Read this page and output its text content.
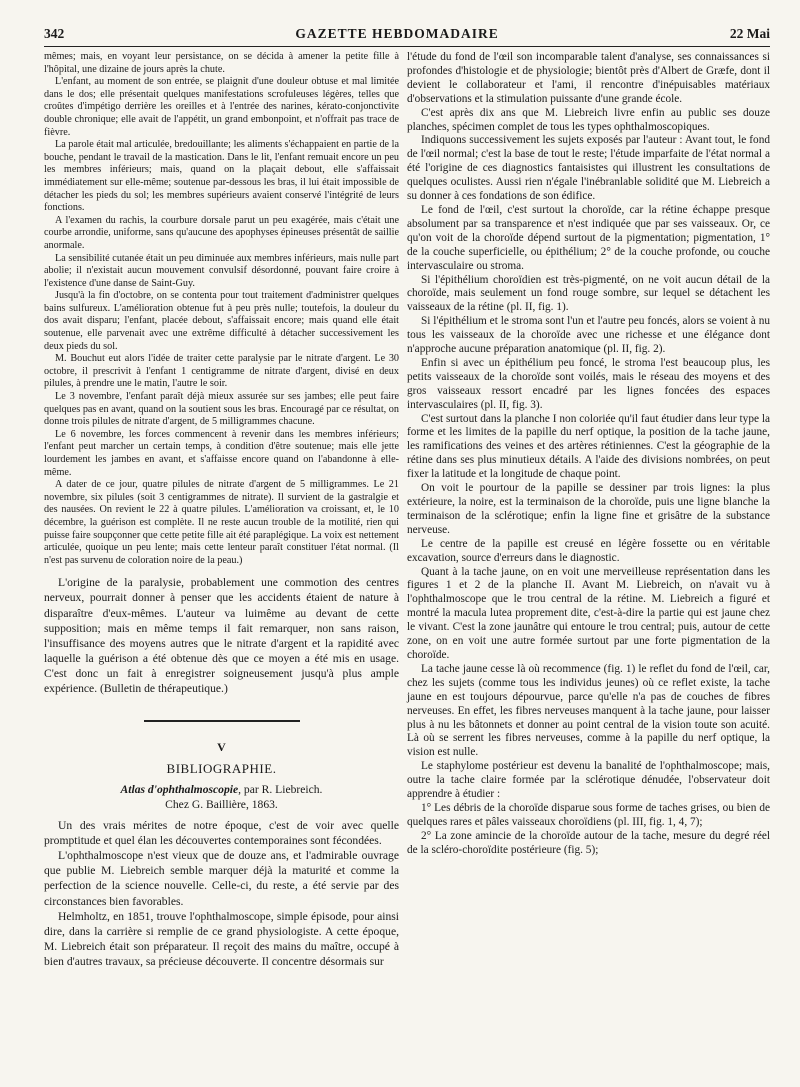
342	GAZETTE HEBDOMADAIRE	22 Mai

mêmes; mais, en voyant leur persistance, on se décida à amener la petite fille à l'hôpital, une dizaine de jours après la chute.

L'enfant, au moment de son entrée, se plaignit d'une douleur obtuse et mal limitée dans le dos; elle présentait quelques manifestations scrofuleuses légères, telles que croûtes d'impétigo derrière les oreilles et à l'entrée des narines, kérato-conjonctivite double chronique; elle avait de l'appétit, un grand embonpoint, et n'offrait pas trace de fièvre.

La parole était mal articulée, bredouillante; les aliments s'échappaient en partie de la bouche, pendant le travail de la mastication. Dans le lit, l'enfant remuait encore un peu les membres inférieurs; mais, quand on la plaçait debout, elle s'affaissait immédiatement sur elle-même; soutenue par-dessous les bras, il lui était impossible de détacher les pieds du sol; les membres supérieurs avaient conservé l'intégrité de leurs fonctions.

A l'examen du rachis, la courbure dorsale parut un peu exagérée, mais c'était une courbe arrondie, uniforme, sans qu'aucune des apophyses épineuses présentât de saillie anormale.

La sensibilité cutanée était un peu diminuée aux membres inférieurs, mais nulle part abolie; il n'existait aucun mouvement convulsif désordonné, pouvant faire croire à l'existence d'une danse de Saint-Guy.

Jusqu'à la fin d'octobre, on se contenta pour tout traitement d'administrer quelques bains sulfureux. L'amélioration obtenue fut à peu près nulle; toutefois, la douleur du dos avait disparu; l'enfant, placée debout, s'affaissait encore; mais quand elle était soutenue, elle parvenait avec une extrême difficulté à détacher successivement les deux pieds du sol.

M. Bouchut eut alors l'idée de traiter cette paralysie par le nitrate d'argent. Le 30 octobre, il prescrivit à l'enfant 1 centigramme de nitrate d'argent, divisé en deux pilules, à prendre une le matin, l'autre le soir.

Le 3 novembre, l'enfant paraît déjà mieux assurée sur ses jambes; elle peut faire quelques pas en avant, quand on la soutient sous les bras. Encouragé par ce résultat, on donne trois pilules de nitrate d'argent, de 5 milligrammes chacune.

Le 6 novembre, les forces commencent à revenir dans les membres inférieurs; l'enfant peut marcher un certain temps, à condition d'être soutenue; mais elle jette lourdement les jambes en avant, et s'affaisse encore quand on l'abandonne à elle-même.

A dater de ce jour, quatre pilules de nitrate d'argent de 5 milligrammes. Le 21 novembre, six pilules (soit 3 centigrammes de nitrate). Il survient de la gastralgie et des nausées. On revient le 22 à quatre pilules. L'amélioration va croissant, et, le 10 décembre, la guérison est complète. Il ne reste aucun trouble de la motilité, rien qui puisse faire soupçonner que cette petite fille ait été paraplégique. La voix est nettement articulée, quoique un peu lente; mais cette lenteur paraît constituer l'état normal. (Il n'est pas survenu de coloration noire de la peau.)

L'origine de la paralysie, probablement une commotion des centres nerveux, pourrait donner à penser que les accidents étaient de nature à disparaître d'eux-mêmes. L'auteur va luimême au devant de cette supposition; mais en même temps il fait remarquer, non sans raison, l'insuffisance des moyens autres que le nitrate d'argent et la rapidité avec laquelle la guérison a été obtenue dès que ce moyen a été mis en usage. C'est donc un fait à enregistrer soigneusement jusqu'à plus ample expérience. (Bulletin de thérapeutique.)

V
BIBLIOGRAPHIE.
Atlas d'ophthalmoscopie, par R. Liebreich.
Chez G. Baillière, 1863.

Un des vrais mérites de notre époque, c'est de voir avec quelle promptitude et quel élan les découvertes contemporaines sont fécondées.

L'ophthalmoscope n'est vieux que de douze ans, et l'admirable ouvrage que publie M. Liebreich semble marquer déjà la maturité et comme la perfection de la science nouvelle. Celle-ci, du reste, a été servie par des circonstances bien favorables.

Helmholtz, en 1851, trouve l'ophthalmoscope, simple épisode, pour ainsi dire, dans la carrière si remplie de ce grand physiologiste. A cette époque, M. Liebreich était son préparateur. Il reçoit des mains du maître, occupé à bien d'autres travaux, sa précieuse découverte. Il concentre désormais sur

l'étude du fond de l'œil son incomparable talent d'analyse, ses connaissances si profondes d'histologie et de physiologie; bientôt près d'Albert de Græfe, dont il devient le collaborateur et l'ami, il rencontre d'inépuisables matériaux d'observations et la stimulation puissante d'une grande école.

C'est après dix ans que M. Liebreich livre enfin au public ses douze planches, spécimen complet de tous les types ophthalmoscopiques.

Indiquons successivement les sujets exposés par l'auteur : Avant tout, le fond de l'œil normal; c'est la base de tout le reste; l'étude imparfaite de l'état normal a été l'origine de ces diagnostics fantaisistes qui illustrent les consultations de quelques oculistes. Aussi rien n'égale l'inébranlable solidité que M. Liebreich a su donner à ces fondations de son édifice.

Le fond de l'œil, c'est surtout la choroïde, car la rétine échappe presque absolument par sa transparence et n'est indiquée que par ses vaisseaux. Or, ce qu'on voit de la choroïde dépend surtout de la pigmentation; pigmentation, 1° de la couche superficielle, ou épithélium; 2° de la couche profonde, ou couche intervasculaire ou stroma.

Si l'épithélium choroïdien est très-pigmenté, on ne voit aucun détail de la choroïde, mais seulement un fond rouge sombre, sur lequel se détachent les vaisseaux de la rétine (pl. II, fig. 1).

Si l'épithélium et le stroma sont l'un et l'autre peu foncés, alors se voient à nu tous les vaisseaux de la choroïde avec une richesse et une élégance dont n'approche aucune préparation anatomique (pl. II, fig. 2).

Enfin si avec un épithélium peu foncé, le stroma l'est beaucoup plus, les petits vaisseaux de la choroïde sont voilés, mais le réseau des moyens et des gros vaisseaux ressort encadré par les lignes foncées des espaces intervasculaires (pl. II, fig. 3).

C'est surtout dans la planche I non coloriée qu'il faut étudier dans leur type la forme et les limites de la papille du nerf optique, la position de la tache jaune, les ramifications des veines et des artères rétiniennes. C'est la géographie de la rétine dans ses plus minutieux détails. A l'aide des divisions nombrées, on peut fixer la latitude et la longitude de chaque point.

On voit le pourtour de la papille se dessiner par trois lignes: la plus extérieure, la noire, est la terminaison de la choroïde, puis une ligne blanche la terminaison de la sclérotique; enfin la ligne fine et grisâtre de la substance nerveuse.

Le centre de la papille est creusé en légère fossette ou en véritable excavation, source d'erreurs dans le diagnostic.

Quant à la tache jaune, on en voit une merveilleuse représentation dans les figures 1 et 2 de la planche II. Avant M. Liebreich, on n'avait vu à l'ophthalmoscope que le trou central de la rétine. M. Liebreich a figuré et montré la macula lutea proprement dite, c'est-à-dire la partie qui est jaune chez le vivant. C'est la zone jaunâtre qui entoure le trou central; puis, autour de cette zone, on en voit une autre formée surtout par une forte pigmentation de la choroïde.

La tache jaune cesse là où recommence (fig. 1) le reflet du fond de l'œil, car, chez les sujets (comme tous les individus jeunes) où ce reflet existe, la tache jaune en est toujours dépourvue, parce qu'elle n'a pas de couches de fibres nerveuses. En effet, les fibres nerveuses manquent à la tache jaune, pour laisser plus à nu les bâtonnets et donner au point central de la vision toute son acuité. Là où se serrent les fibres nerveuses, comme à la papille du nerf optique, la vision est nulle.

Le staphylome postérieur est devenu la banalité de l'ophthalmoscope; mais, outre la tache claire formée par la sclérotique dénudée, l'observateur doit apprendre à étudier :

1° Les débris de la choroïde disparue sous forme de taches grises, ou bien de quelques rares et pâles vaisseaux choroïdiens (pl. III, fig. 1, 4, 7);

2° La zone amincie de la choroïde autour de la tache, mesure du degré réel de la scléro-choroïdite postérieure (fig. 5);
